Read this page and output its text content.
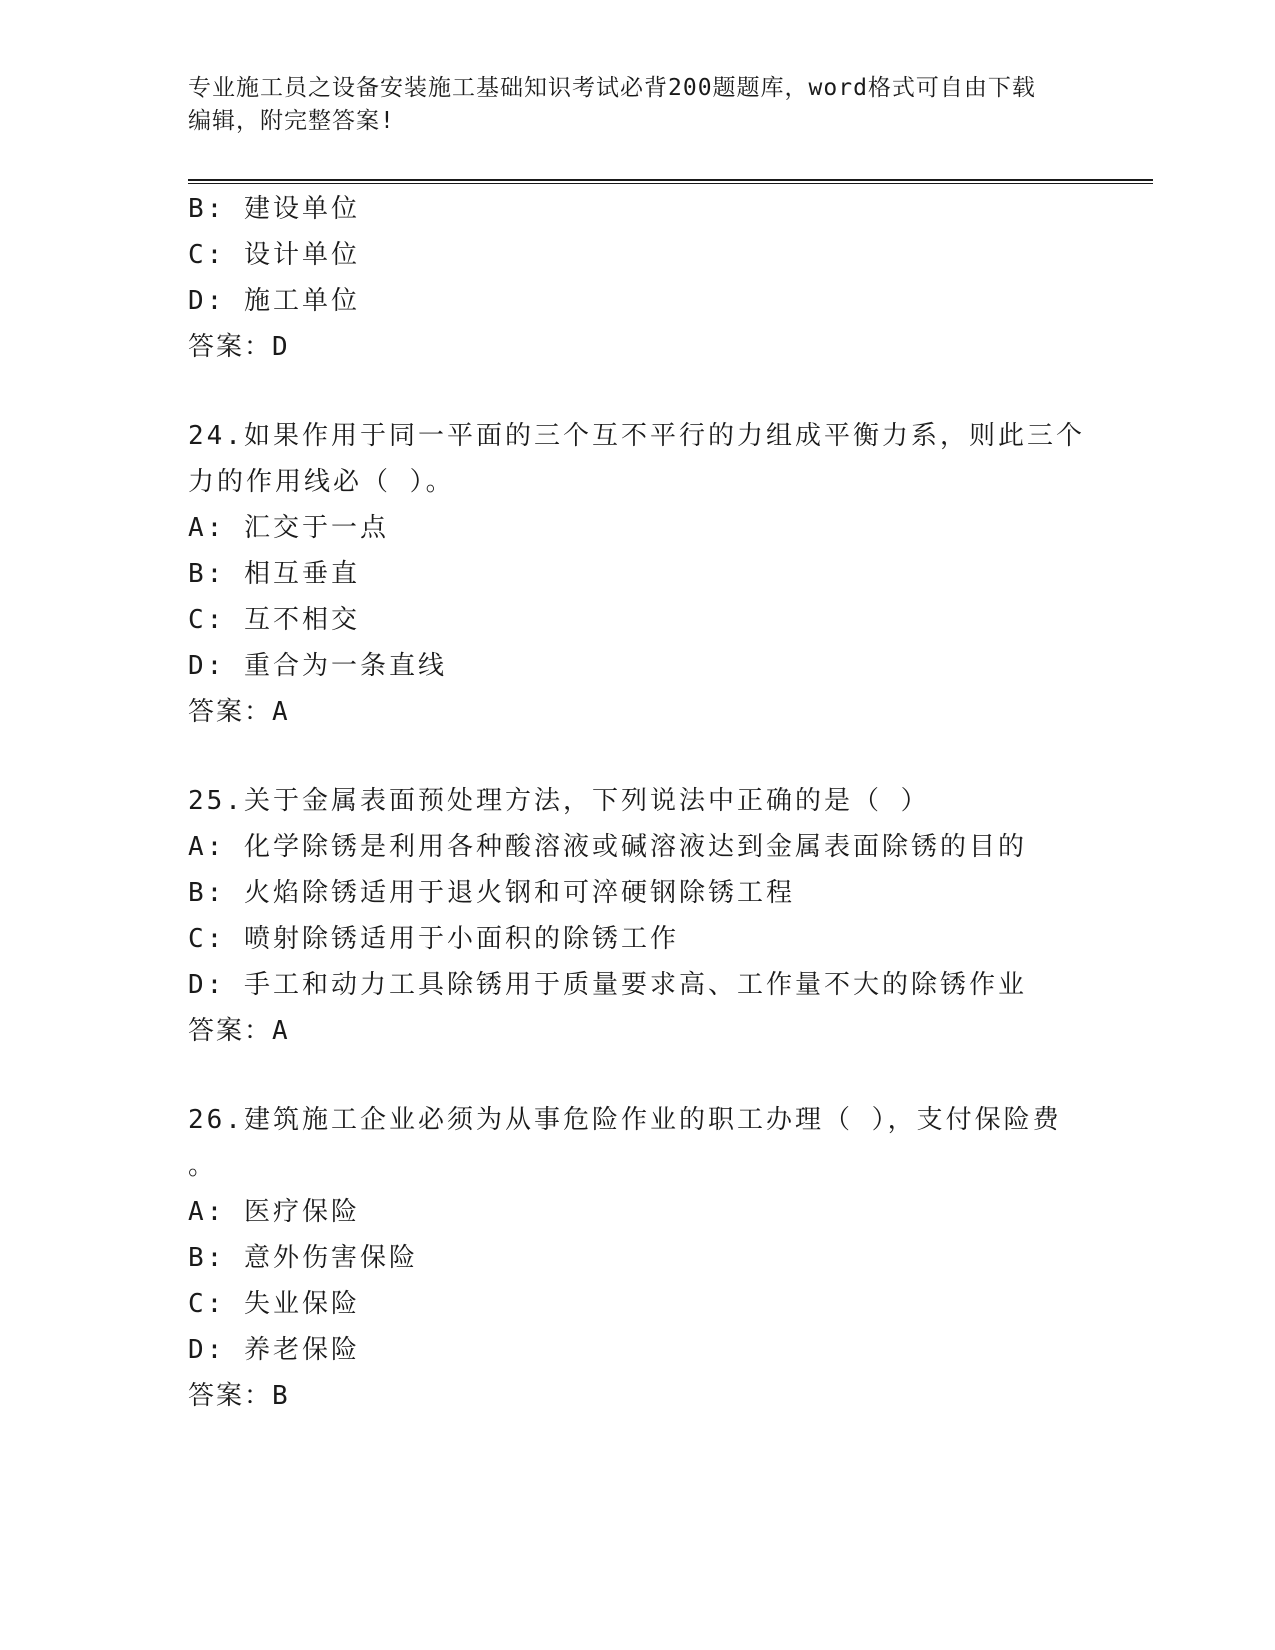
专业施工员之设备安装施工基础知识考试必背200题题库，word格式可自由下载
编辑，附完整答案!
B: 建设单位
C: 设计单位
D: 施工单位
答案：D
24.如果作用于同一平面的三个互不平行的力组成平衡力系，则此三个
力的作用线必（ ）。
A: 汇交于一点
B: 相互垂直
C: 互不相交
D: 重合为一条直线
答案：A
25.关于金属表面预处理方法，下列说法中正确的是（ ）
A: 化学除锈是利用各种酸溶液或碱溶液达到金属表面除锈的目的
B: 火焰除锈适用于退火钢和可淬硬钢除锈工程
C: 喷射除锈适用于小面积的除锈工作
D: 手工和动力工具除锈用于质量要求高、工作量不大的除锈作业
答案：A
26.建筑施工企业必须为从事危险作业的职工办理（ ），支付保险费
。
A: 医疗保险
B: 意外伤害保险
C: 失业保险
D: 养老保险
答案：B
